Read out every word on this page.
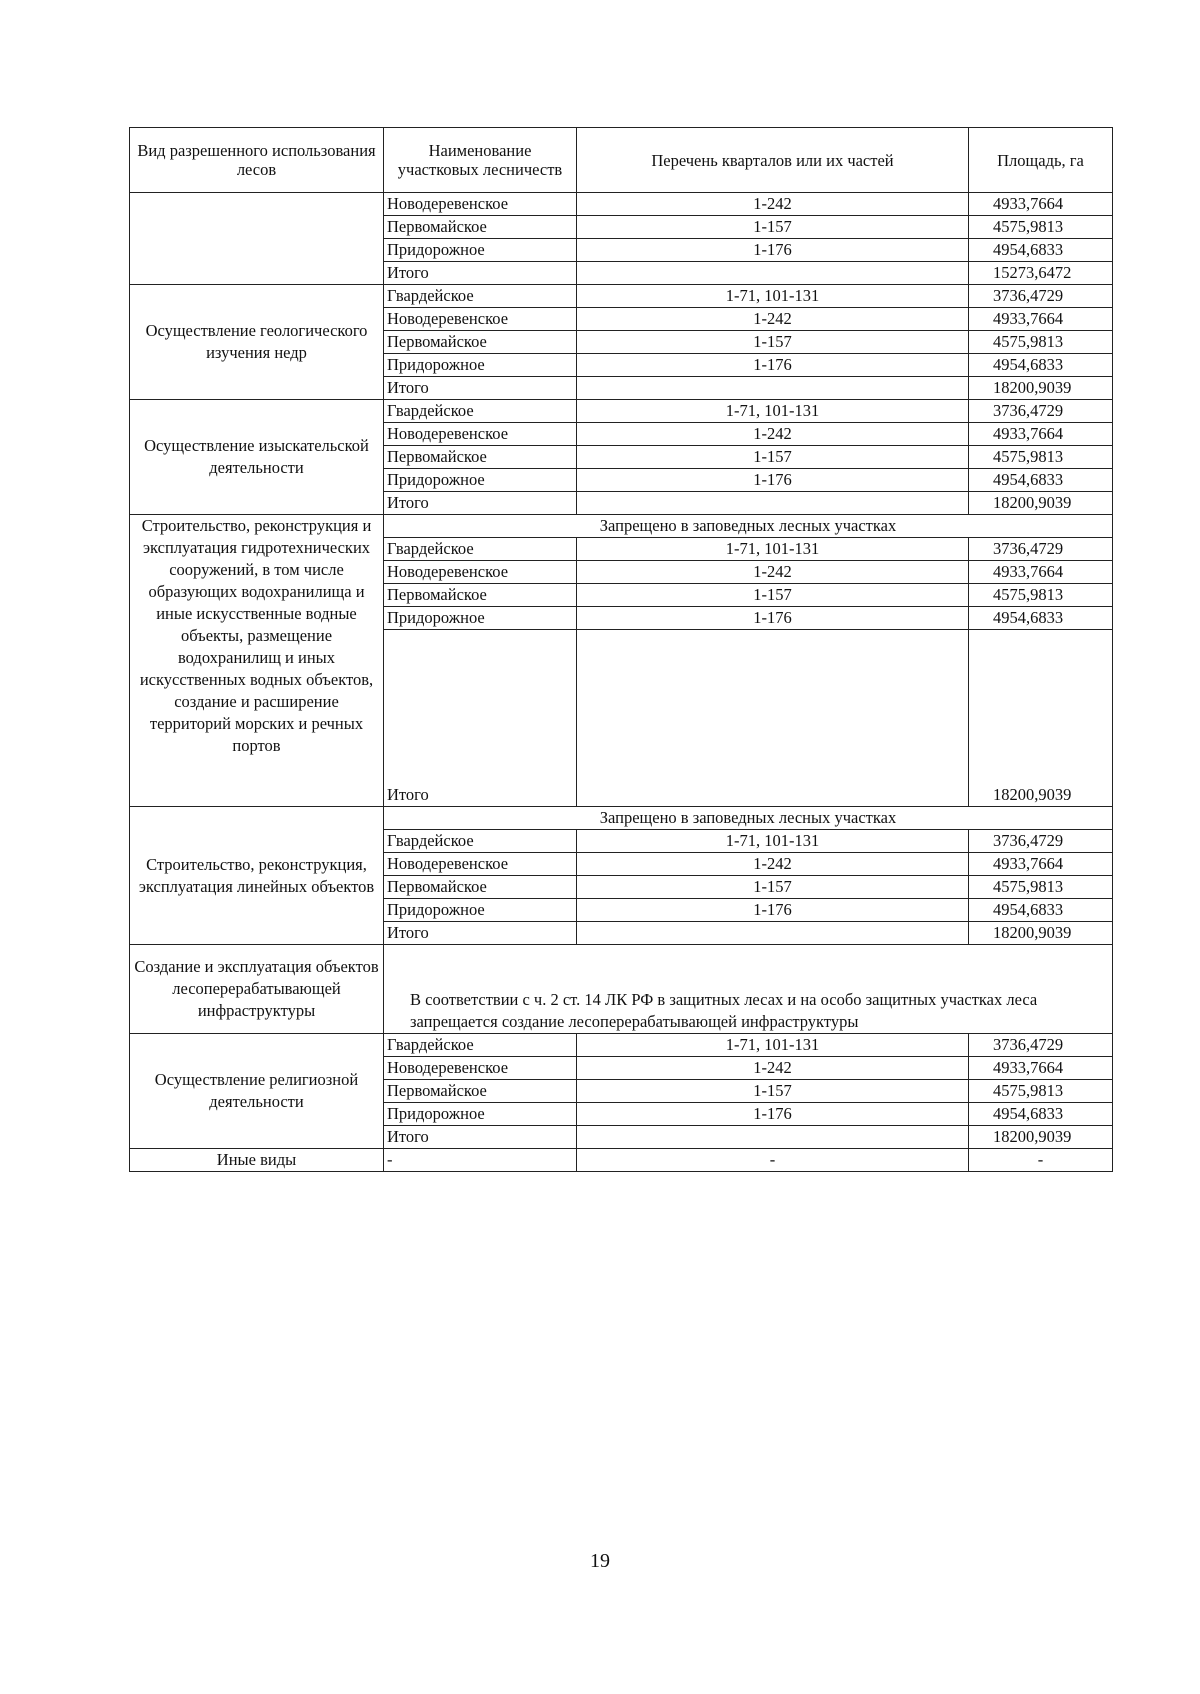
Вид разрешенного использования лесов	Наименование участковых лесничеств	Перечень кварталов или их частей	Площадь, га
	Новодеревенское	1-242	4933,7664
	Первомайское	1-157	4575,9813
	Придорожное	1-176	4954,6833
	Итого		15273,6472
Осуществление геологического изучения недр	Гвардейское	1-71, 101-131	3736,4729
	Новодеревенское	1-242	4933,7664
	Первомайское	1-157	4575,9813
	Придорожное	1-176	4954,6833
	Итого		18200,9039
Осуществление изыскательской деятельности	Гвардейское	1-71, 101-131	3736,4729
	Новодеревенское	1-242	4933,7664
	Первомайское	1-157	4575,9813
	Придорожное	1-176	4954,6833
	Итого		18200,9039
Строительство, реконструкция и эксплуатация гидротехнических сооружений, в том числе образующих водохранилища и иные искусственные водные объекты, размещение водохранилищ и иных искусственных водных объектов, создание и расширение территорий морских и речных портов	Запрещено в заповедных лесных участках		
	Гвардейское	1-71, 101-131	3736,4729
	Новодеревенское	1-242	4933,7664
	Первомайское	1-157	4575,9813
	Придорожное	1-176	4954,6833
	Итого		18200,9039
Строительство, реконструкция, эксплуатация линейных объектов	Запрещено в заповедных лесных участках		
	Гвардейское	1-71, 101-131	3736,4729
	Новодеревенское	1-242	4933,7664
	Первомайское	1-157	4575,9813
	Придорожное	1-176	4954,6833
	Итого		18200,9039
Создание и эксплуатация объектов лесоперерабатывающей инфраструктуры	В соответствии с ч. 2 ст. 14 ЛК РФ в защитных лесах и на особо защитных участках леса запрещается создание лесоперерабатывающей инфраструктуры		
Осуществление религиозной деятельности	Гвардейское	1-71, 101-131	3736,4729
	Новодеревенское	1-242	4933,7664
	Первомайское	1-157	4575,9813
	Придорожное	1-176	4954,6833
	Итого		18200,9039
Иные виды	-	-	-
19
